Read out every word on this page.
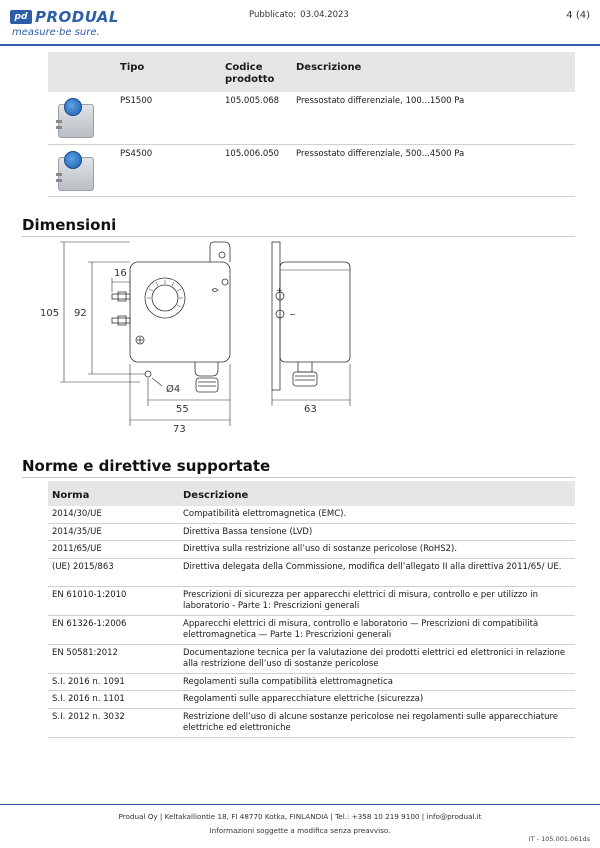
pd PRODUAL
measure·be sure.
Pubblicato: 03.04.2023	4 (4)
	Tipo	Codice prodotto	Descrizione

	PS1500	105.005.068	Pressostato differenziale, 100...1500 Pa

	PS4500	105.006.050	Pressostato differenziale, 500...4500 Pa
Dimensioni
105 92
16
Ø4
55
73
63
+
−
Norme e direttive supportate
Norma	Descrizione
2014/30/UE	Compatibilità elettromagnetica (EMC).
2014/35/UE	Direttiva Bassa tensione (LVD)
2011/65/UE	Direttiva sulla restrizione all’uso di sostanze pericolose (RoHS2).
(UE) 2015/863	Direttiva delegata della Commissione, modifica dell’allegato II alla direttiva 2011/65/ UE.
EN 61010-1:2010	Prescrizioni di sicurezza per apparecchi elettrici di misura, controllo e per utilizzo in laboratorio - Parte 1: Prescrizioni generali
EN 61326-1:2006	Apparecchi elettrici di misura, controllo e laboratorio — Prescrizioni di compatibilità elettromagnetica — Parte 1: Prescrizioni generali
EN 50581:2012	Documentazione tecnica per la valutazione dei prodotti elettrici ed elettronici in relazione alla restrizione dell’uso di sostanze pericolose
S.I. 2016 n. 1091	Regolamenti sulla compatibilità elettromagnetica
S.I. 2016 n. 1101	Regolamenti sulle apparecchiature elettriche (sicurezza)
S.I. 2012 n. 3032	Restrizione dell’uso di alcune sostanze pericolose nei regolamenti sulle apparecchiature elettriche ed elettroniche
Produal Oy | Keltakalliontie 18, FI 48770 Kotka, FINLANDIA | Tel.: +358 10 219 9100 | info@produal.it
Informazioni soggette a modifica senza preavviso.
IT - 105.001.061ds
